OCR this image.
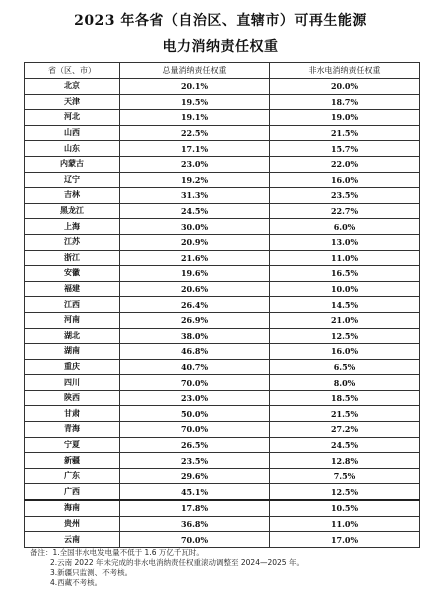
2023 年各省（自治区、直辖市）可再生能源
电力消纳责任权重
省（区、市）	总量消纳责任权重	非水电消纳责任权重
北京	20.1%	20.0%
天津	19.5%	18.7%
河北	19.1%	19.0%
山西	22.5%	21.5%
山东	17.1%	15.7%
内蒙古	23.0%	22.0%
辽宁	19.2%	16.0%
吉林	31.3%	23.5%
黑龙江	24.5%	22.7%
上海	30.0%	6.0%
江苏	20.9%	13.0%
浙江	21.6%	11.0%
安徽	19.6%	16.5%
福建	20.6%	10.0%
江西	26.4%	14.5%
河南	26.9%	21.0%
湖北	38.0%	12.5%
湖南	46.8%	16.0%
重庆	40.7%	6.5%
四川	70.0%	8.0%
陕西	23.0%	18.5%
甘肃	50.0%	21.5%
青海	70.0%	27.2%
宁夏	26.5%	24.5%
新疆	23.5%	12.8%
广东	29.6%	7.5%
广西	45.1%	12.5%
海南	17.8%	10.5%
贵州	36.8%	11.0%
云南	70.0%	17.0%
备注：1.全国非水电发电量不低于 1.6 万亿千瓦时。
2.云南 2022 年未完成的非水电消纳责任权重滚动调整至 2024—2025 年。
3.新疆只监测、不考核。
4.西藏不考核。
